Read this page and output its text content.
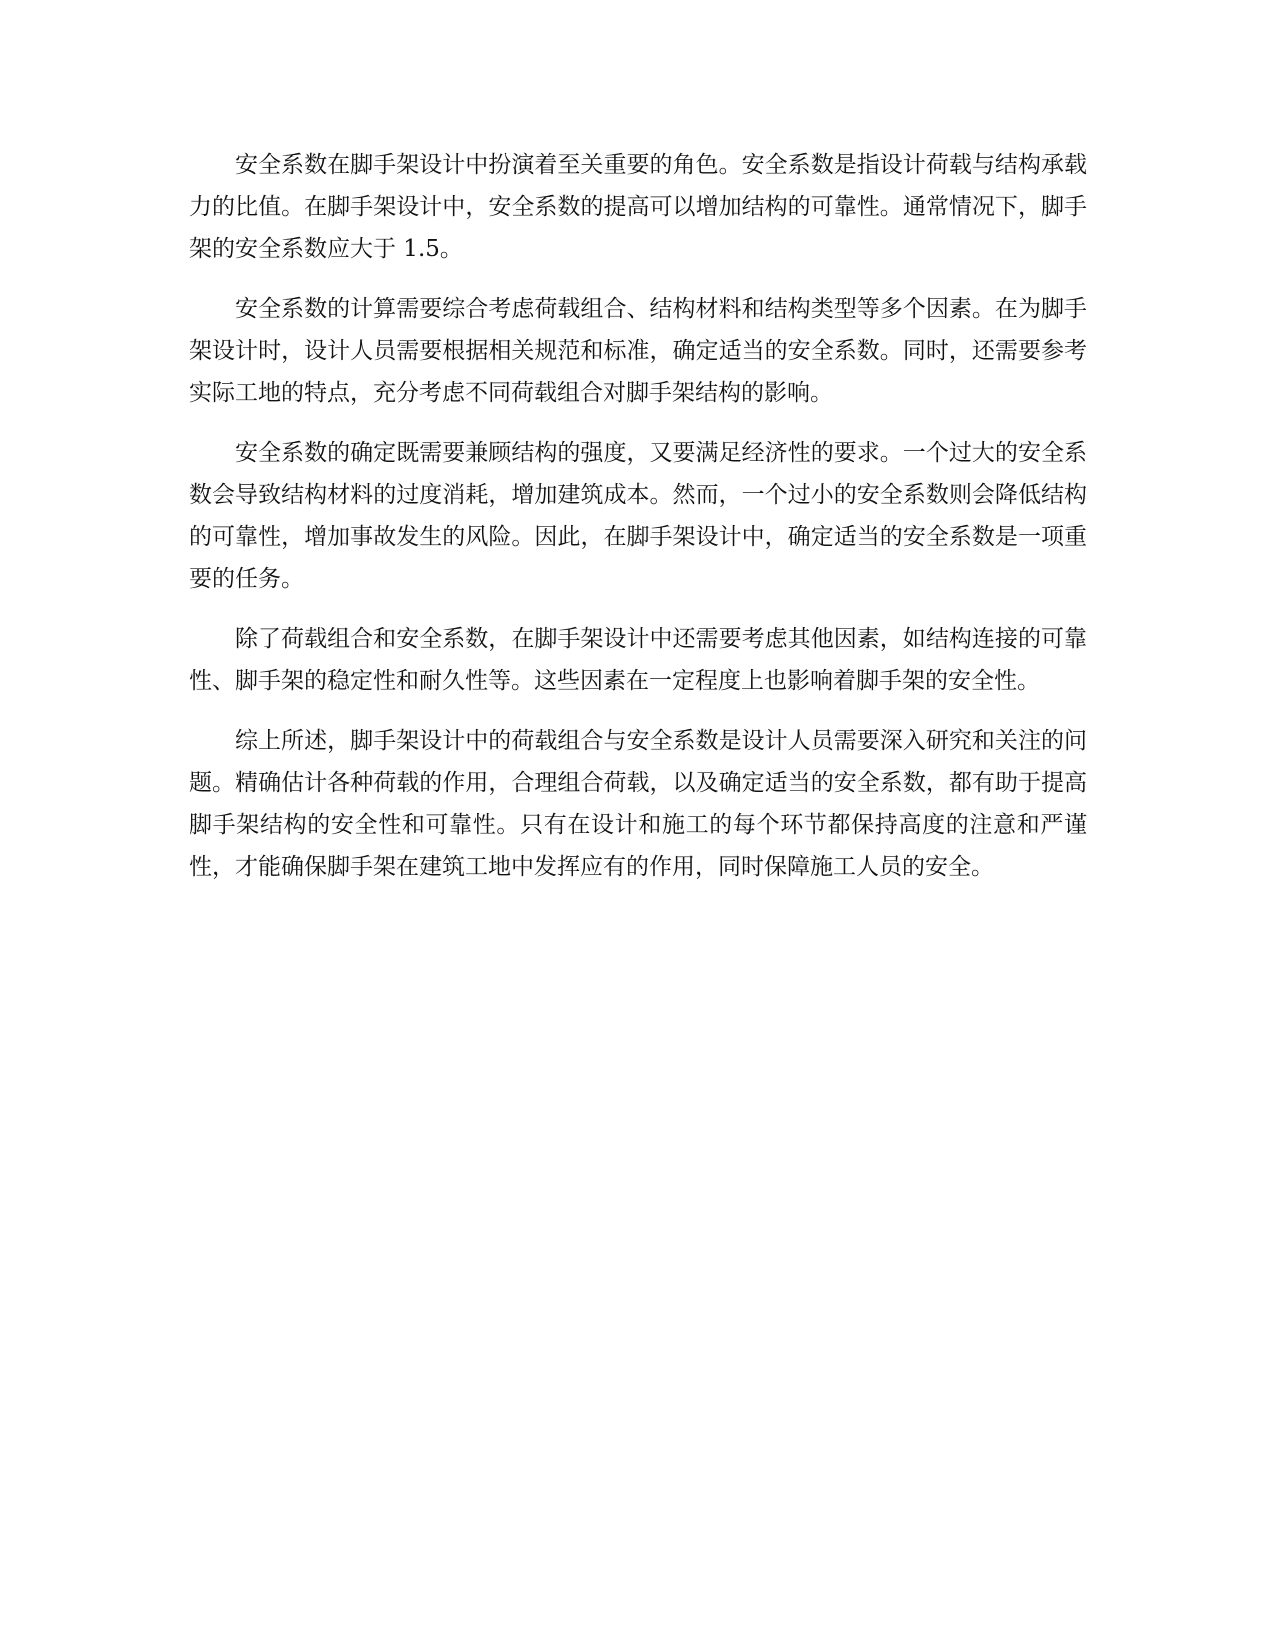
安全系数在脚手架设计中扮演着至关重要的角色。安全系数是指设计荷载与结构承载力的比值。在脚手架设计中，安全系数的提高可以增加结构的可靠性。通常情况下，脚手架的安全系数应大于 1.5。

安全系数的计算需要综合考虑荷载组合、结构材料和结构类型等多个因素。在为脚手架设计时，设计人员需要根据相关规范和标准，确定适当的安全系数。同时，还需要参考实际工地的特点，充分考虑不同荷载组合对脚手架结构的影响。

安全系数的确定既需要兼顾结构的强度，又要满足经济性的要求。一个过大的安全系数会导致结构材料的过度消耗，增加建筑成本。然而，一个过小的安全系数则会降低结构的可靠性，增加事故发生的风险。因此，在脚手架设计中，确定适当的安全系数是一项重要的任务。

除了荷载组合和安全系数，在脚手架设计中还需要考虑其他因素，如结构连接的可靠性、脚手架的稳定性和耐久性等。这些因素在一定程度上也影响着脚手架的安全性。

综上所述，脚手架设计中的荷载组合与安全系数是设计人员需要深入研究和关注的问题。精确估计各种荷载的作用，合理组合荷载，以及确定适当的安全系数，都有助于提高脚手架结构的安全性和可靠性。只有在设计和施工的每个环节都保持高度的注意和严谨性，才能确保脚手架在建筑工地中发挥应有的作用，同时保障施工人员的安全。
